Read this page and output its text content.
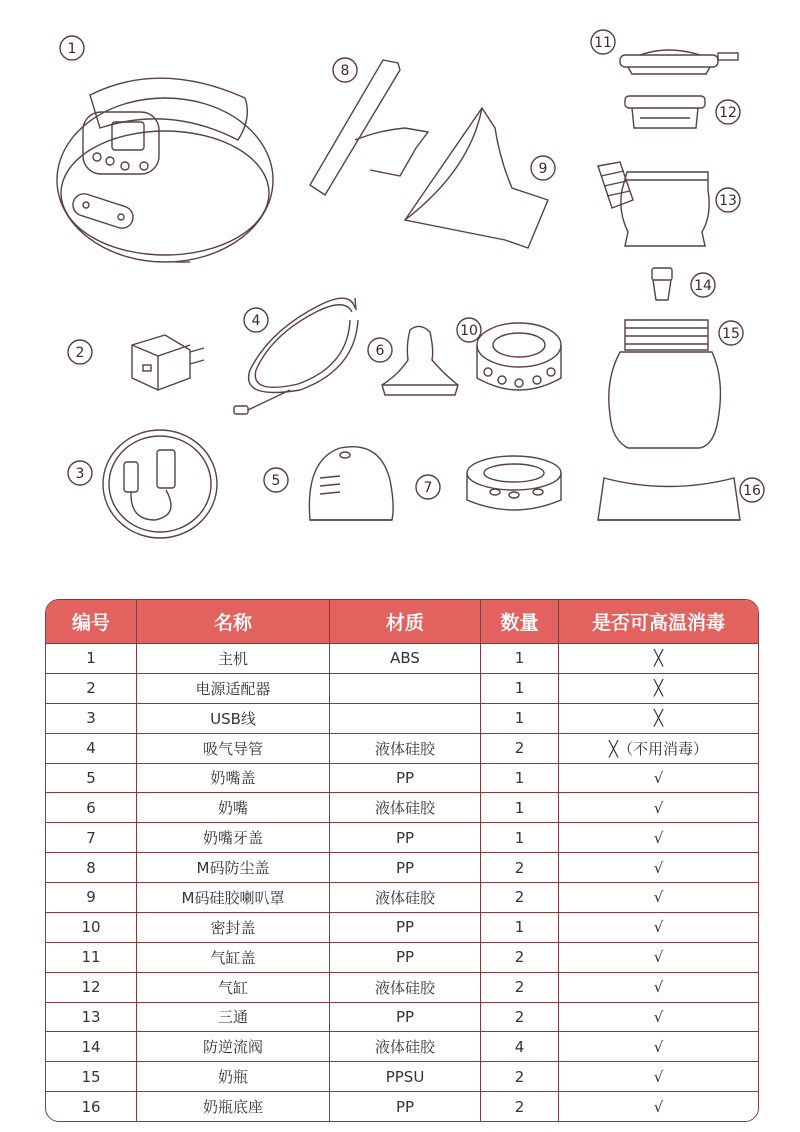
1
2
3
4
5
6
7
8
9
10
11
12
13
14
15
16
编号	名称	材质	数量	是否可高温消毒
1	主机	ABS	1	╳
2	电源适配器		1	╳
3	USB线		1	╳
4	吸气导管	液体硅胶	2	╳（不用消毒）
5	奶嘴盖	PP	1	√
6	奶嘴	液体硅胶	1	√
7	奶嘴牙盖	PP	1	√
8	M码防尘盖	PP	2	√
9	M码硅胶喇叭罩	液体硅胶	2	√
10	密封盖	PP	1	√
11	气缸盖	PP	2	√
12	气缸	液体硅胶	2	√
13	三通	PP	2	√
14	防逆流阀	液体硅胶	4	√
15	奶瓶	PPSU	2	√
16	奶瓶底座	PP	2	√
